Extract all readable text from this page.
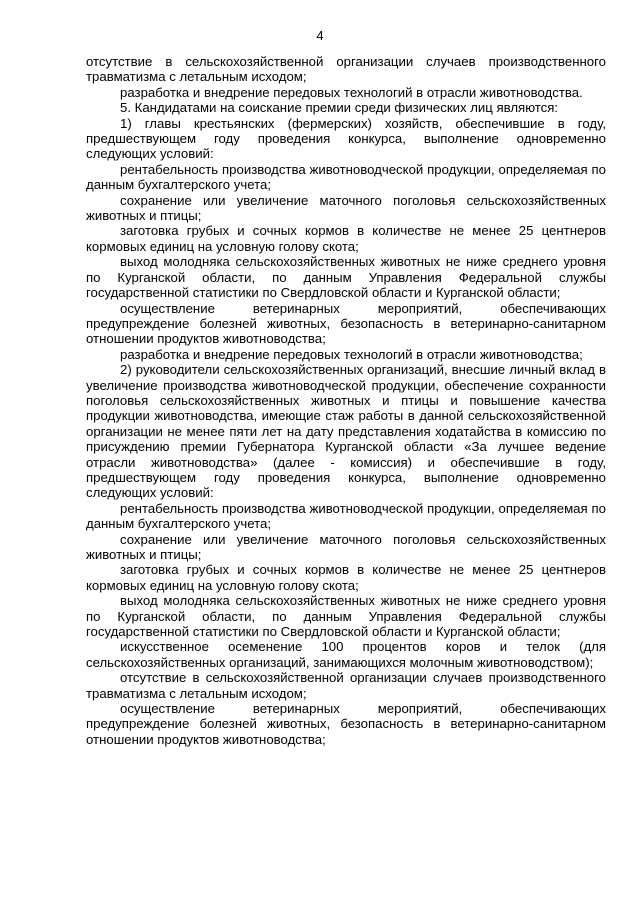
4

отсутствие в сельскохозяйственной организации случаев производственного травматизма с летальным исходом;

разработка и внедрение передовых технологий в отрасли животноводства.

5. Кандидатами на соискание премии среди физических лиц являются:

1) главы крестьянских (фермерских) хозяйств, обеспечившие в году, предшествующем году проведения конкурса, выполнение одновременно следующих условий:

рентабельность производства животноводческой продукции, определяемая по данным бухгалтерского учета;

сохранение или увеличение маточного поголовья сельскохозяйственных животных и птицы;

заготовка грубых и сочных кормов в количестве не менее 25 центнеров кормовых единиц на условную голову скота;

выход молодняка сельскохозяйственных животных не ниже среднего уровня по Курганской области, по данным Управления Федеральной службы государственной статистики по Свердловской области и Курганской области;

осуществление ветеринарных мероприятий, обеспечивающих предупреждение болезней животных, безопасность в ветеринарно-санитарном отношении продуктов животноводства;

разработка и внедрение передовых технологий в отрасли животноводства;

2) руководители сельскохозяйственных организаций, внесшие личный вклад в увеличение производства животноводческой продукции, обеспечение сохранности поголовья сельскохозяйственных животных и птицы и повышение качества продукции животноводства, имеющие стаж работы в данной сельскохозяйственной организации не менее пяти лет на дату представления ходатайства в комиссию по присуждению премии Губернатора Курганской области «За лучшее ведение отрасли животноводства» (далее - комиссия) и обеспечившие в году, предшествующем году проведения конкурса, выполнение одновременно следующих условий:

рентабельность производства животноводческой продукции, определяемая по данным бухгалтерского учета;

сохранение или увеличение маточного поголовья сельскохозяйственных животных и птицы;

заготовка грубых и сочных кормов в количестве не менее 25 центнеров кормовых единиц на условную голову скота;

выход молодняка сельскохозяйственных животных не ниже среднего уровня по Курганской области, по данным Управления Федеральной службы государственной статистики по Свердловской области и Курганской области;

искусственное осеменение 100 процентов коров и телок (для сельскохозяйственных организаций, занимающихся молочным животноводством);

отсутствие в сельскохозяйственной организации случаев производственного травматизма с летальным исходом;

осуществление ветеринарных мероприятий, обеспечивающих предупреждение болезней животных, безопасность в ветеринарно-санитарном отношении продуктов животноводства;
